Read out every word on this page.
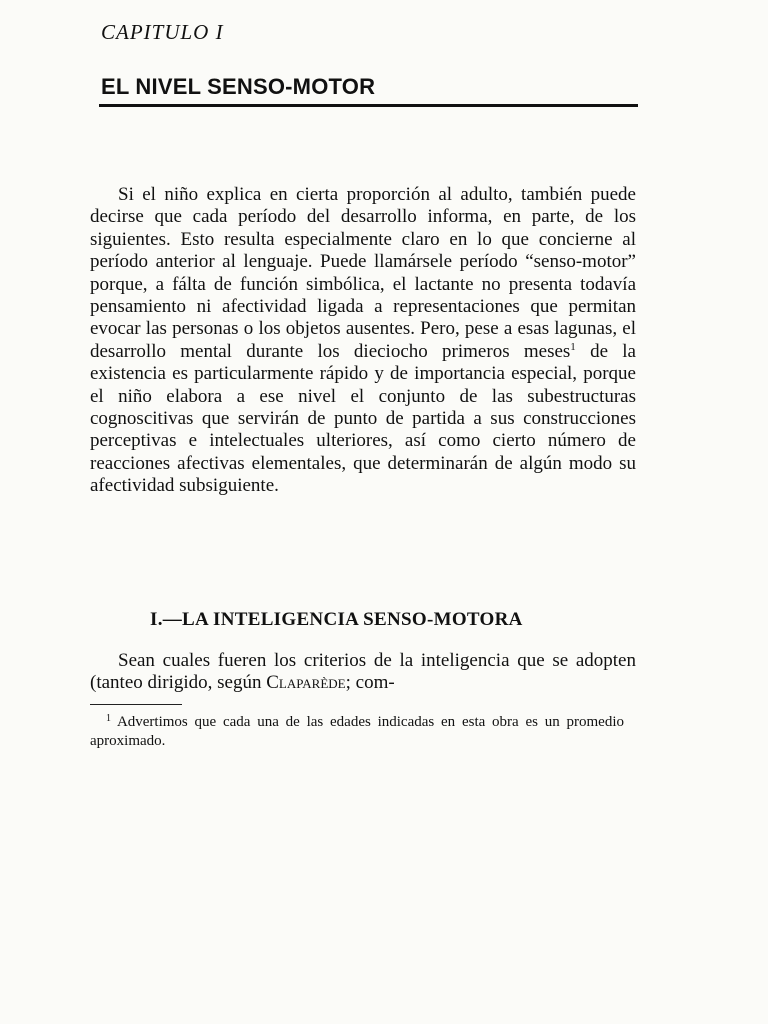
CAPITULO I
EL NIVEL SENSO-MOTOR

Si el niño explica en cierta proporción al adulto, también puede decirse que cada período del desarrollo informa, en parte, de los siguientes. Esto resulta especialmente claro en lo que concierne al período anterior al lenguaje. Puede llamársele período “senso-motor” porque, a fálta de función simbólica, el lactante no presenta todavía pensamiento ni afectividad ligada a representaciones que permitan evocar las personas o los objetos ausentes. Pero, pese a esas lagunas, el desarrollo mental durante los dieciocho primeros meses$^1$ de la existencia es particularmente rápido y de importancia especial, porque el niño elabora a ese nivel el conjunto de las subestructuras cognoscitivas que servirán de punto de partida a sus construcciones perceptivas e intelectuales ulteriores, así como cierto número de reacciones afectivas elementales, que determinarán de algún modo su afectividad subsiguiente.

I.—LA INTELIGENCIA SENSO-MOTORA

Sean cuales fueren los criterios de la inteligencia que se adopten (tanteo dirigido, según Claparède; com-

$^1$ Advertimos que cada una de las edades indicadas en esta obra es un promedio aproximado.
